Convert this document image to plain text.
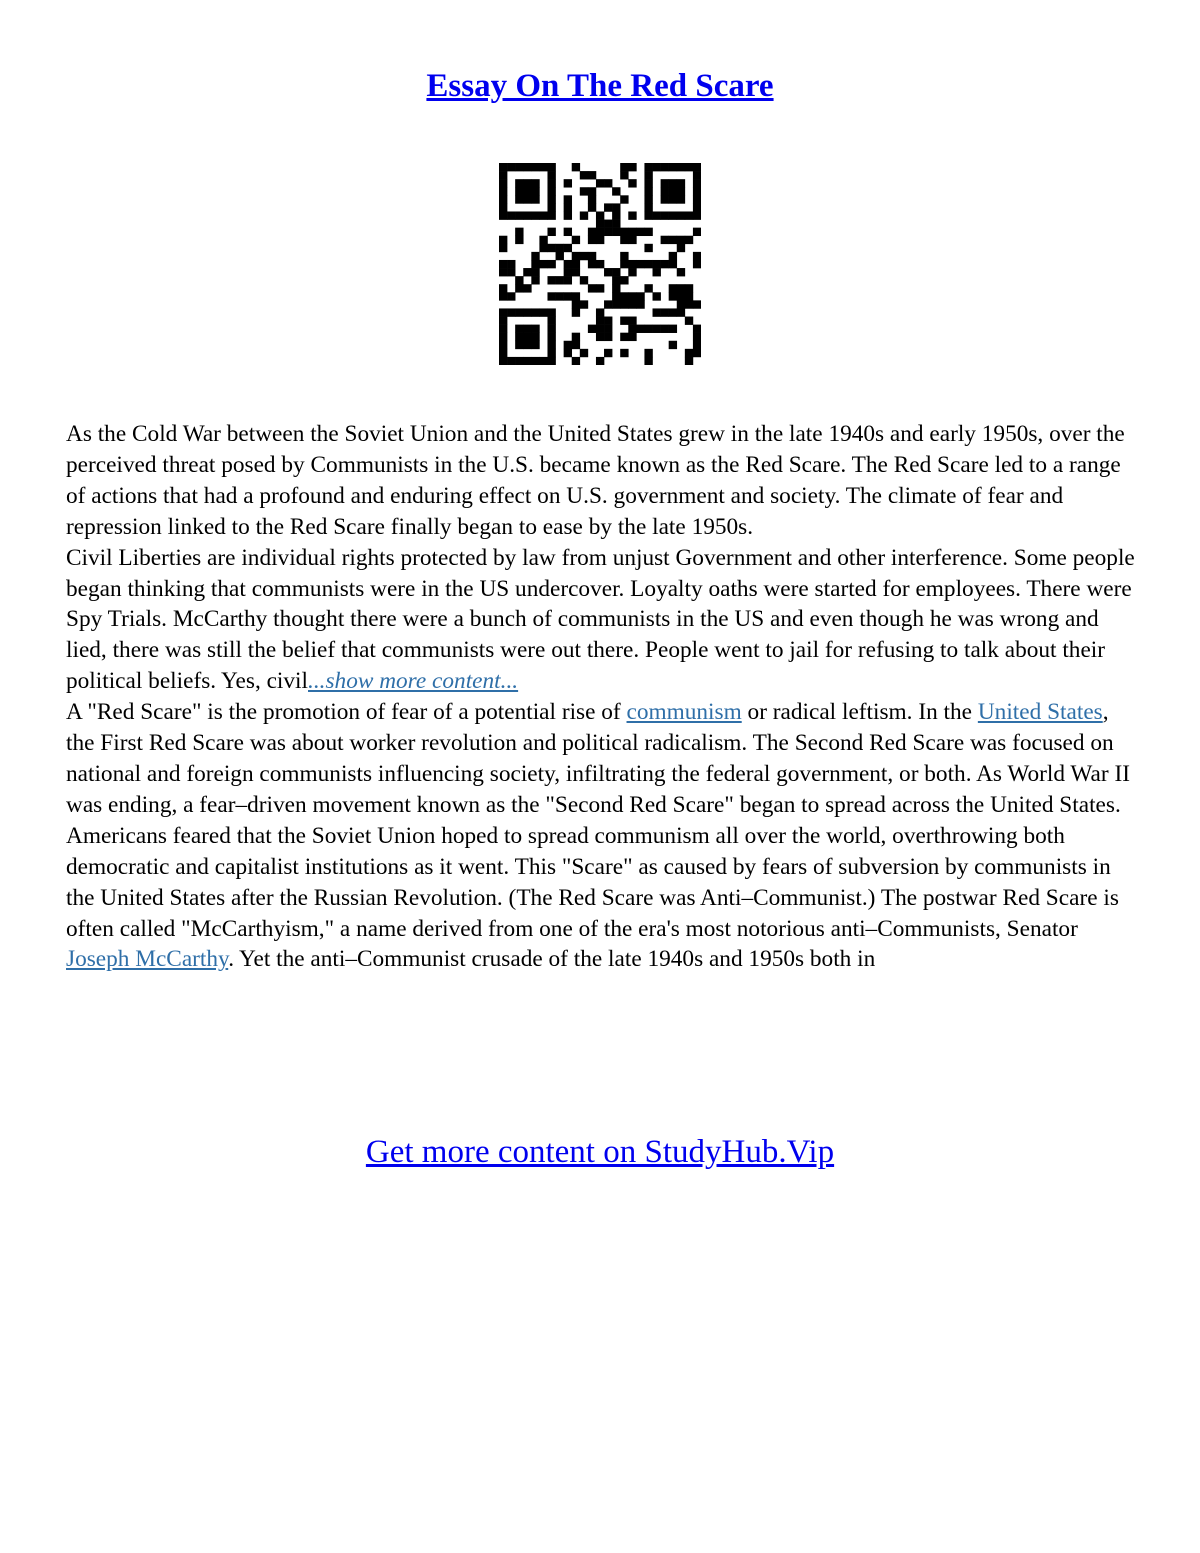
Essay On The Red Scare

As the Cold War between the Soviet Union and the United States grew in the late 1940s and early 1950s, over the perceived threat posed by Communists in the U.S. became known as the Red Scare. The Red Scare led to a range of actions that had a profound and enduring effect on U.S. government and society. The climate of fear and repression linked to the Red Scare finally began to ease by the late 1950s.

Civil Liberties are individual rights protected by law from unjust Government and other interference. Some people began thinking that communists were in the US undercover. Loyalty oaths were started for employees. There were Spy Trials. McCarthy thought there were a bunch of communists in the US and even though he was wrong and lied, there was still the belief that communists were out there. People went to jail for refusing to talk about their political beliefs. Yes, civil...show more content...

A "Red Scare" is the promotion of fear of a potential rise of communism or radical leftism. In the United States, the First Red Scare was about worker revolution and political radicalism. The Second Red Scare was focused on national and foreign communists influencing society, infiltrating the federal government, or both. As World War II was ending, a fear–driven movement known as the "Second Red Scare" began to spread across the United States. Americans feared that the Soviet Union hoped to spread communism all over the world, overthrowing both democratic and capitalist institutions as it went. This "Scare" as caused by fears of subversion by communists in the United States after the Russian Revolution. (The Red Scare was Anti–Communist.) The postwar Red Scare is often called "McCarthyism," a name derived from one of the era's most notorious anti–Communists, Senator Joseph McCarthy. Yet the anti–Communist crusade of the late 1940s and 1950s both in

Get more content on StudyHub.Vip
